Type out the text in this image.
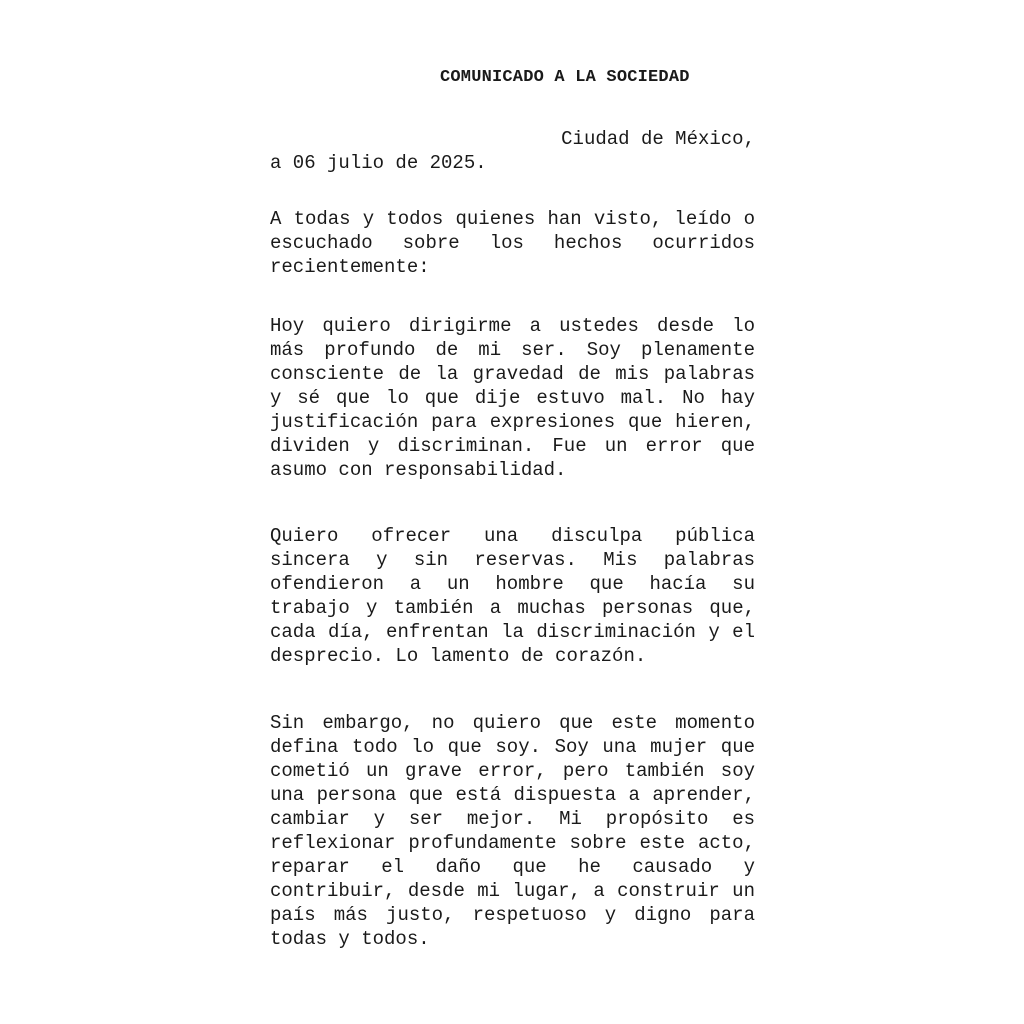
COMUNICADO A LA SOCIEDAD
Ciudad de México,
a 06 julio de 2025.
A todas y todos quienes han visto, leído o escuchado sobre los hechos ocurridos recientemente:
Hoy quiero dirigirme a ustedes desde lo más profundo de mi ser. Soy plenamente consciente de la gravedad de mis palabras y sé que lo que dije estuvo mal. No hay justificación para expresiones que hieren, dividen y discriminan. Fue un error que asumo con responsabilidad.
Quiero ofrecer una disculpa pública sincera y sin reservas. Mis palabras ofendieron a un hombre que hacía su trabajo y también a muchas personas que, cada día, enfrentan la discriminación y el desprecio. Lo lamento de corazón.
Sin embargo, no quiero que este momento defina todo lo que soy. Soy una mujer que cometió un grave error, pero también soy una persona que está dispuesta a aprender, cambiar y ser mejor. Mi propósito es reflexionar profundamente sobre este acto, reparar el daño que he causado y contribuir, desde mi lugar, a construir un país más justo, respetuoso y digno para todas y todos.
